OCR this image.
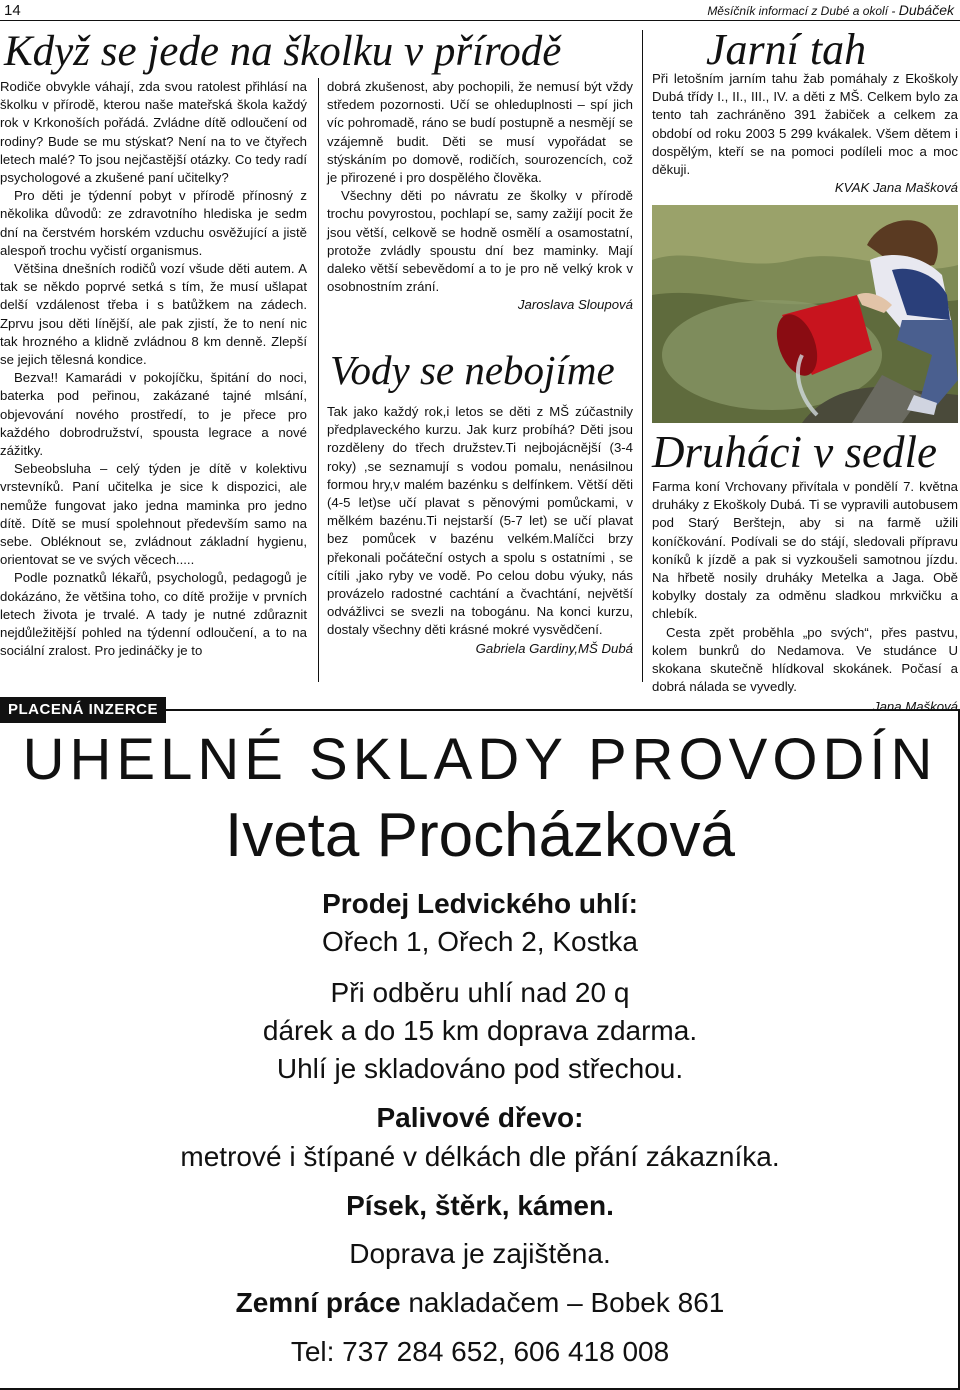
14	Měsíčník informací z Dubé a okolí - Dubáček
Když se jede na školku v přírodě

Rodiče obvykle váhají, zda svou ratolest přihlásí na školku v přírodě, kterou naše mateřská škola každý rok v Krkonoších pořádá. Zvládne dítě odloučení od rodiny? Bude se mu stýskat? Není na to ve čtyřech letech malé? To jsou nejčastější otázky. Co tedy radí psychologové a zkušené paní učitelky?

Pro děti je týdenní pobyt v přírodě přínosný z několika důvodů: ze zdravotního hlediska je sedm dní na čerstvém horském vzduchu osvěžující a jistě alespoň trochu vyčistí organismus.

Většina dnešních rodičů vozí všude děti autem. A tak se někdo poprvé setká s tím, že musí ušlapat delší vzdálenost třeba i s batůžkem na zádech. Zprvu jsou děti línější, ale pak zjistí, že to není nic tak hrozného a klidně zvládnou 8 km denně. Zlepší se jejich tělesná kondice.

Bezva!! Kamarádi v pokojíčku, špitání do noci, baterka pod peřinou, zakázané tajné mlsání, objevování nového prostředí, to je přece pro každého dobrodružství, spousta legrace a nové zážitky.

Sebeobsluha – celý týden je dítě v kolektivu vrstevníků. Paní učitelka je sice k dispozici, ale nemůže fungovat jako jedna maminka pro jedno dítě. Dítě se musí spolehnout především samo na sebe. Obléknout se, zvládnout základní hygienu, orientovat se ve svých věcech.....

Podle poznatků lékařů, psychologů, pedagogů je dokázáno, že většina toho, co dítě prožije v prvních letech života je trvalé. A tady je nutné zdůraznit nejdůležitější pohled na týdenní odloučení, a to na sociální zralost. Pro jedináčky je to

dobrá zkušenost, aby pochopili, že nemusí být vždy středem pozornosti. Učí se ohleduplnosti – spí jich víc pohromadě, ráno se budí postupně a nesmějí se vzájemně budit. Děti se musí vypořádat se stýskáním po domově, rodičích, sourozencích, což je přirozené i pro dospělého člověka.

Všechny děti po návratu ze školky v přírodě trochu povyrostou, pochlapí se, samy zažijí pocit že jsou větší, celkově se hodně osmělí a osamostatní, protože zvládly spoustu dní bez maminky. Mají daleko větší sebevědomí a to je pro ně velký krok v osobnostním zrání.

Jaroslava Sloupová

Vody se nebojíme

Tak jako každý rok,i letos se děti z MŠ zúčastnily předplaveckého kurzu. Jak kurz probíhá? Děti jsou rozděleny do třech družstev.Ti nejbojácnější (3-4 roky) ,se seznamují s vodou pomalu, nenásilnou formou hry,v malém bazénku s delfínkem. Větší děti (4-5 let)se učí plavat s pěnovými pomůckami, v mělkém bazénu.Ti nejstarší (5-7 let) se učí plavat bez pomůcek v bazénu velkém.Malíčci brzy překonali počáteční ostych a spolu s ostatními , se cítili ,jako ryby ve vodě. Po celou dobu výuky, nás provázelo radostné cachtání a čvachtání, největší odvážlivci se svezli na tobogánu. Na konci kurzu, dostaly všechny děti krásné mokré vysvědčení.

Gabriela Gardiny,MŠ Dubá

Jarní tah

Při letošním jarním tahu žab pomáhaly z Ekoškoly Dubá třídy I., II., III., IV. a děti z MŠ. Celkem bylo za tento tah zachráněno 391 žabiček a celkem za období od roku 2003 5 299 kvákalek. Všem dětem i dospělým, kteří se na pomoci podíleli moc a moc děkuji.

KVAK Jana Mašková

Druháci v sedle

Farma koní Vrchovany přivítala v pondělí 7. května druháky z Ekoškoly Dubá. Ti se vypravili autobusem pod Starý Berštejn, aby si na farmě užili koníčkování. Podívali se do stájí, sledovali přípravu koníků k jízdě a pak si vyzkoušeli samotnou jízdu. Na hřbetě nosily druháky Metelka a Jaga. Obě kobylky dostaly za odměnu sladkou mrkvičku a chlebík.

Cesta zpět proběhla „po svých“, přes pastvu, kolem bunkrů do Nedamova. Ve studánce U skokana skutečně hlídkoval skokánek. Počasí a dobrá nálada se vyvedly.

Jana Mašková

PLACENÁ INZERCE
UHELNÉ SKLADY PROVODÍN
Iveta Procházková
Prodej Ledvického uhlí:
Ořech 1, Ořech 2, Kostka
Při odběru uhlí nad 20 q
dárek a do 15 km doprava zdarma.
Uhlí je skladováno pod střechou.
Palivové dřevo:
metrové i štípané v délkách dle přání zákazníka.
Písek, štěrk, kámen.
Doprava je zajištěna.
Zemní práce nakladačem – Bobek 861
Tel: 737 284 652, 606 418 008
